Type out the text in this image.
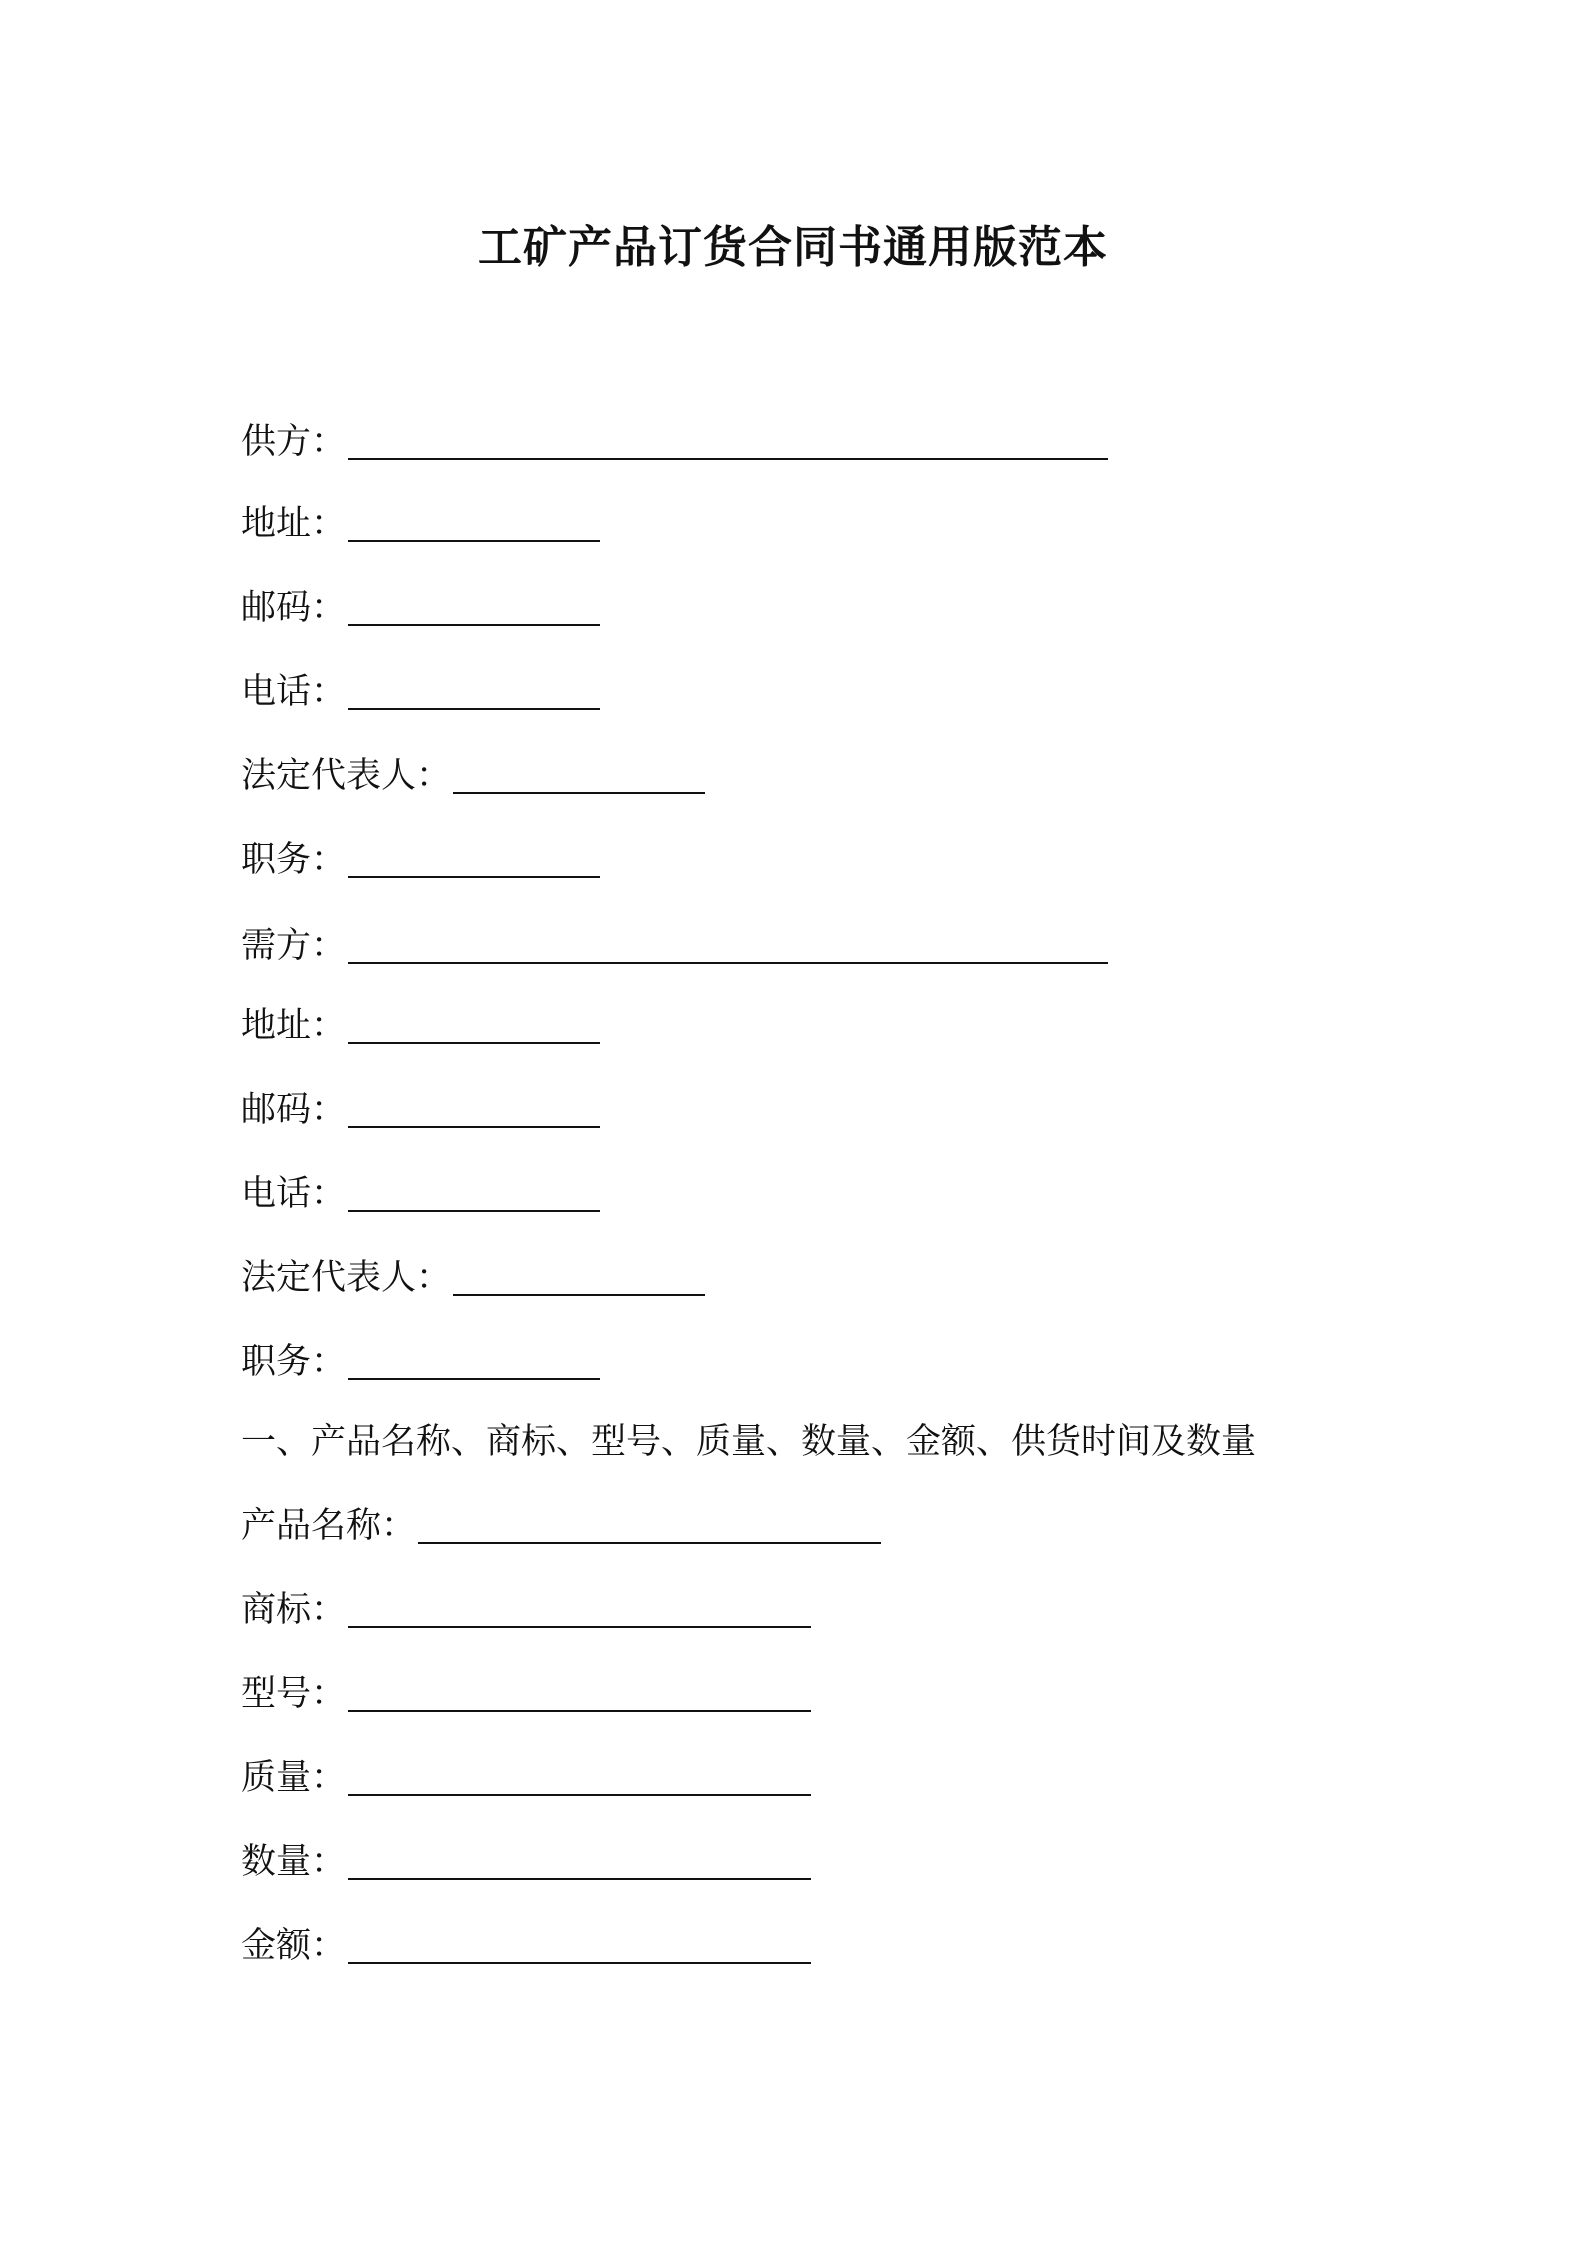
工矿产品订货合同书通用版范本
供方：
地址：
邮码：
电话：
法定代表人：
职务：
需方：
地址：
邮码：
电话：
法定代表人：
职务：
一、产品名称、商标、型号、质量、数量、金额、供货时间及数量
产品名称：
商标：
型号：
质量：
数量：
金额：
